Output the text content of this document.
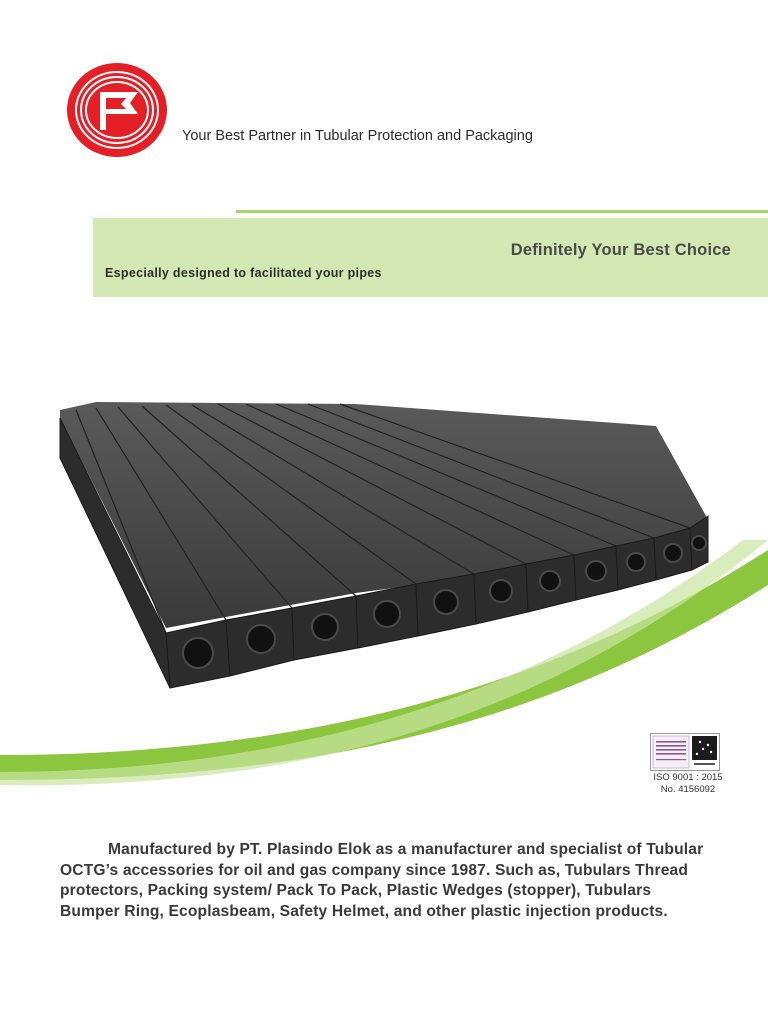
Your Best Partner in Tubular Protection and Packaging

Definitely Your Best Choice

Especially designed to facilitated your pipes

ISO 9001 : 2015
No. 4156092

Manufactured by PT. Plasindo Elok as a manufacturer and specialist of Tubular OCTG’s accessories for oil and gas company since 1987. Such as, Tubulars Thread protectors, Packing system/ Pack To Pack, Plastic Wedges (stopper), Tubulars Bumper Ring, Ecoplasbeam, Safety Helmet, and other plastic injection products.
